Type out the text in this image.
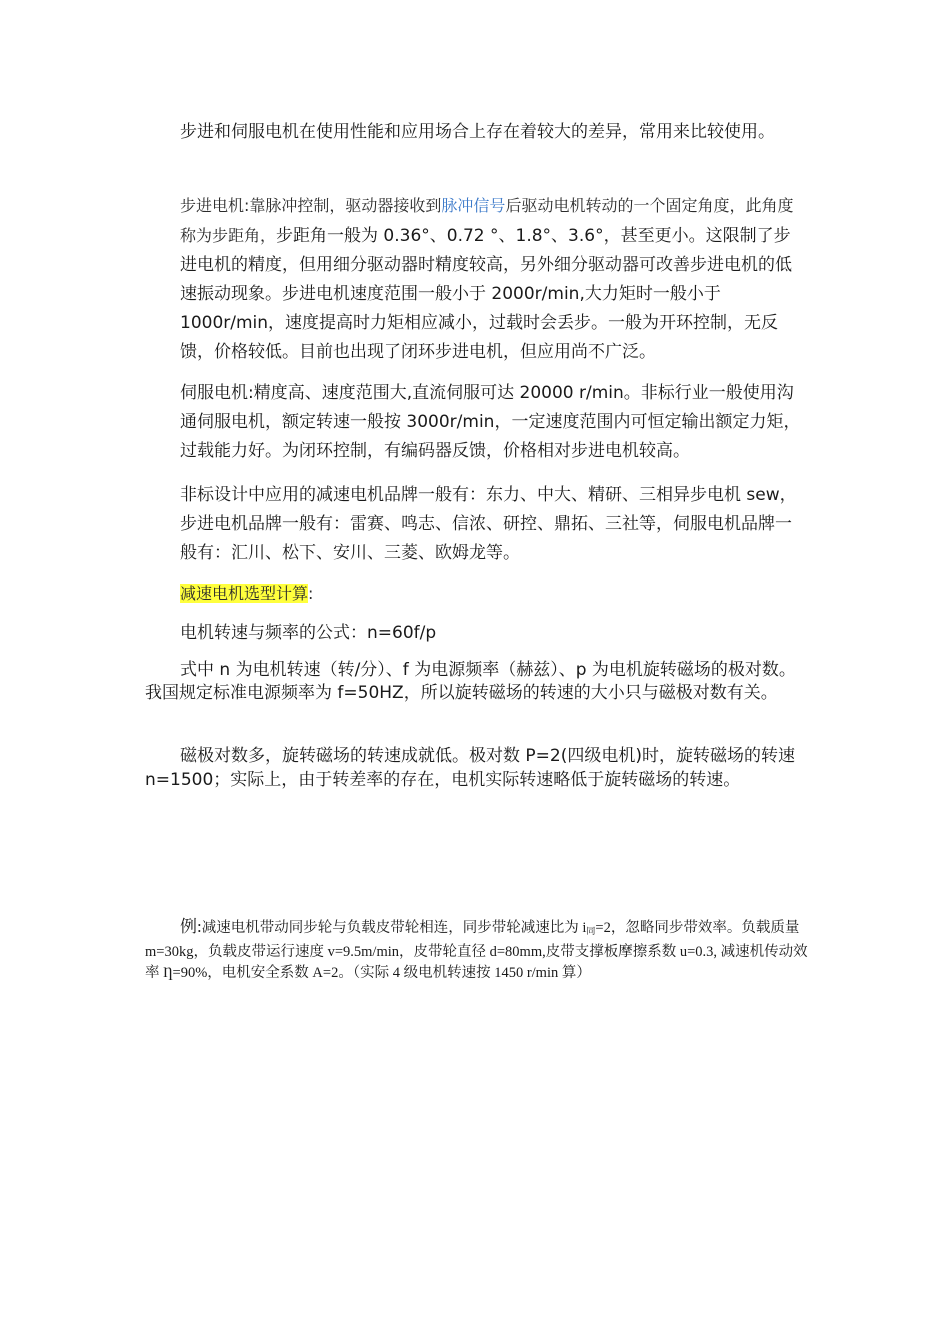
步进和伺服电机在使用性能和应用场合上存在着较大的差异，常用来比较使用。

步进电机:靠脉冲控制，驱动器接收到脉冲信号后驱动电机转动的一个固定角度，此角度称为步距角，步距角一般为 0.36°、0.72 °、1.8°、3.6°，甚至更小。这限制了步进电机的精度，但用细分驱动器时精度较高，另外细分驱动器可改善步进电机的低速振动现象。步进电机速度范围一般小于 2000r/min,大力矩时一般小于 1000r/min，速度提高时力矩相应减小，过载时会丢步。一般为开环控制，无反馈，价格较低。目前也出现了闭环步进电机，但应用尚不广泛。

伺服电机:精度高、速度范围大,直流伺服可达 20000 r/min。非标行业一般使用沟通伺服电机，额定转速一般按 3000r/min，一定速度范围内可恒定输出额定力矩，过载能力好。为闭环控制，有编码器反馈，价格相对步进电机较高。

非标设计中应用的减速电机品牌一般有：东力、中大、精研、三相异步电机 sew，步进电机品牌一般有：雷赛、鸣志、信浓、研控、鼎拓、三社等，伺服电机品牌一般有：汇川、松下、安川、三菱、欧姆龙等。

减速电机选型计算:

电机转速与频率的公式：n=60f/p

式中 n 为电机转速（转/分）、f 为电源频率（赫兹）、p 为电机旋转磁场的极对数。我国规定标准电源频率为 f=50HZ，所以旋转磁场的转速的大小只与磁极对数有关。

磁极对数多，旋转磁场的转速成就低。极对数 P=2(四级电机)时，旋转磁场的转速 n=1500；实际上，由于转差率的存在，电机实际转速略低于旋转磁场的转速。

例:减速电机带动同步轮与负载皮带轮相连，同步带轮减速比为 $i_同=2$，忽略同步带效率。负载质量 m=30kg，负载皮带运行速度 v=9.5m/min，皮带轮直径 d=80mm,皮带支撑板摩擦系数 u=0.3, 减速机传动效率 Ƞ=90%，电机安全系数 A=2。（实际 4 级电机转速按 1450 r/min 算）
